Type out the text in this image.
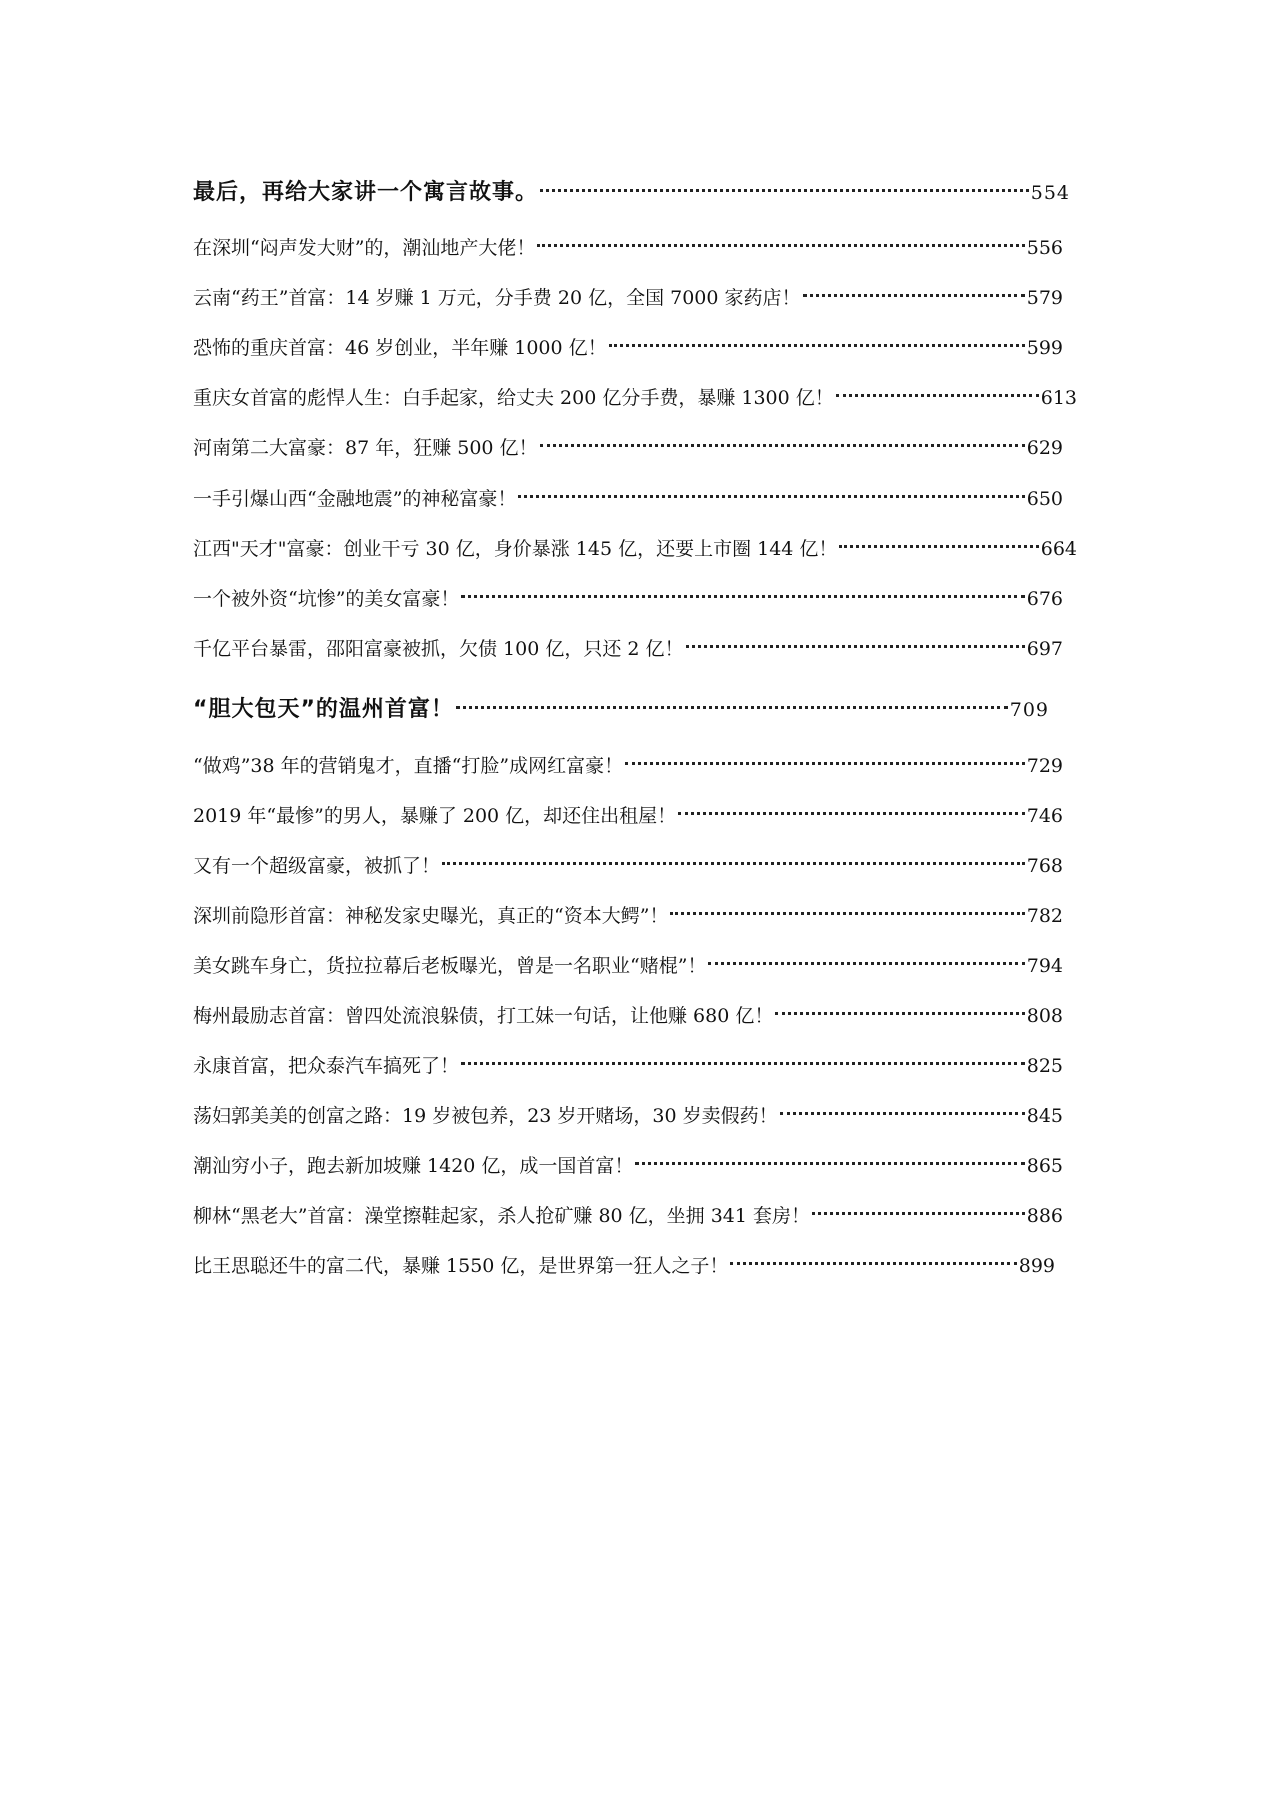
最后，再给大家讲一个寓言故事。	554
在深圳“闷声发大财”的，潮汕地产大佬！	556
云南“药王”首富：14 岁赚 1 万元，分手费 20 亿，全国 7000 家药店！	579
恐怖的重庆首富：46 岁创业，半年赚 1000 亿！	599
重庆女首富的彪悍人生：白手起家，给丈夫 200 亿分手费，暴赚 1300 亿！	613
河南第二大富豪：87 年，狂赚 500 亿！	629
一手引爆山西“金融地震”的神秘富豪！	650
江西"天才"富豪：创业干亏 30 亿，身价暴涨 145 亿，还要上市圈 144 亿！	664
一个被外资“坑惨”的美女富豪！	676
千亿平台暴雷，邵阳富豪被抓，欠债 100 亿，只还 2 亿！	697
“胆大包天”的温州首富！	709
“做鸡”38 年的营销鬼才，直播“打脸”成网红富豪！	729
2019 年“最惨”的男人，暴赚了 200 亿，却还住出租屋！	746
又有一个超级富豪，被抓了！	768
深圳前隐形首富：神秘发家史曝光，真正的“资本大鳄”！	782
美女跳车身亡，货拉拉幕后老板曝光，曾是一名职业“赌棍”！	794
梅州最励志首富：曾四处流浪躲债，打工妹一句话，让他赚 680 亿！	808
永康首富，把众泰汽车搞死了！	825
荡妇郭美美的创富之路：19 岁被包养，23 岁开赌场，30 岁卖假药！	845
潮汕穷小子，跑去新加坡赚 1420 亿，成一国首富！	865
柳林“黑老大”首富：澡堂擦鞋起家，杀人抢矿赚 80 亿，坐拥 341 套房！	886
比王思聪还牛的富二代，暴赚 1550 亿，是世界第一狂人之子！	899
